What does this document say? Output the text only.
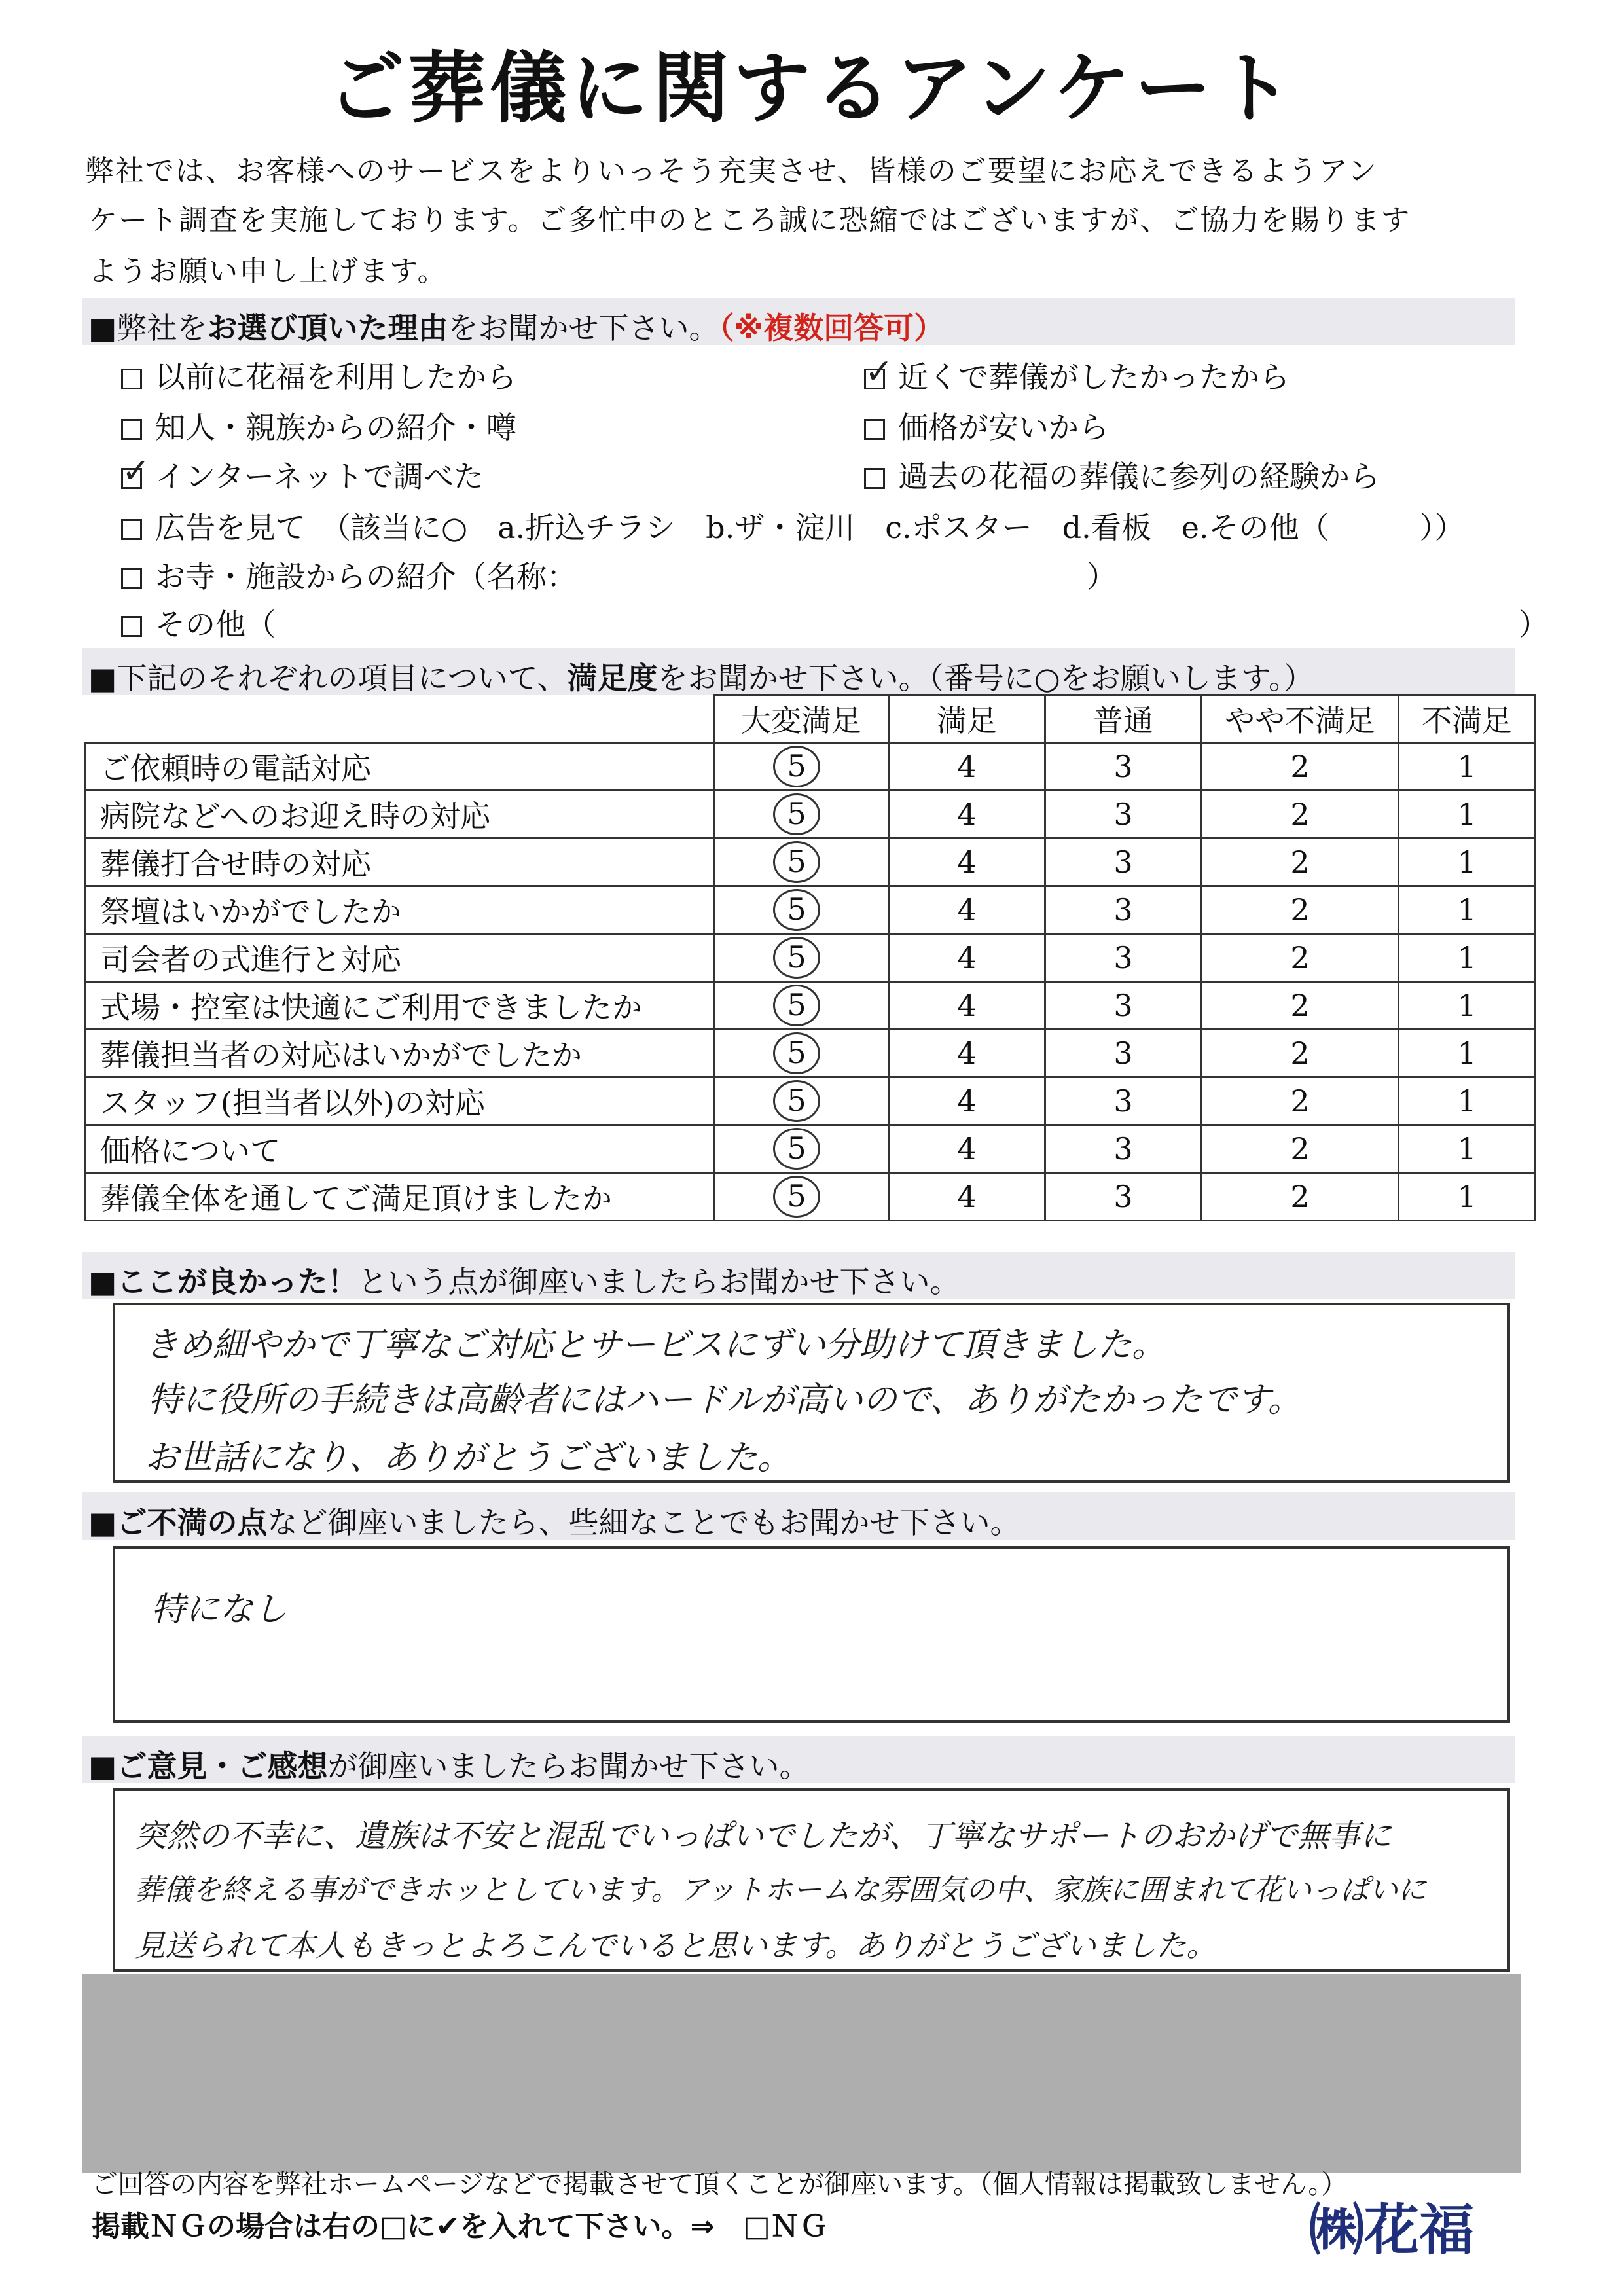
ご葬儀に関するアンケート
弊社では、お客様へのサービスをよりいっそう充実させ、皆様のご要望にお応えできるようアン
ケート調査を実施しております。ご多忙中のところ誠に恐縮ではございますが、ご協力を賜ります
ようお願い申し上げます。
■弊社をお選び頂いた理由をお聞かせ下さい。（※複数回答可）
以前に花福を利用したから
知人・親族からの紹介・噂
✓ インターネットで調べた
✓ 近くで葬儀がしたかったから
価格が安いから
過去の花福の葬儀に参列の経験から
広告を見て　（該当に○　a.折込チラシ　b.ザ・淀川　c.ポスター　d.看板　e.その他（　　　））
お寺・施設からの紹介（名称：	）
その他（	）
■下記のそれぞれの項目について、満足度をお聞かせ下さい。（番号に○をお願いします。）
	大変満足	満足	普通	やや不満足	不満足
ご依頼時の電話対応	5	4	3	2	1
病院などへのお迎え時の対応	5	4	3	2	1
葬儀打合せ時の対応	5	4	3	2	1
祭壇はいかがでしたか	5	4	3	2	1
司会者の式進行と対応	5	4	3	2	1
式場・控室は快適にご利用できましたか	5	4	3	2	1
葬儀担当者の対応はいかがでしたか	5	4	3	2	1
スタッフ(担当者以外)の対応	5	4	3	2	1
価格について	5	4	3	2	1
葬儀全体を通してご満足頂けましたか	5	4	3	2	1
■ここが良かった！という点が御座いましたらお聞かせ下さい。
きめ細やかで丁寧なご対応とサービスにずい分助けて頂きました。
特に役所の手続きは高齢者にはハードルが高いので、ありがたかったです。
お世話になり、ありがとうございました。
■ご不満の点など御座いましたら、些細なことでもお聞かせ下さい。
特になし
■ご意見・ご感想が御座いましたらお聞かせ下さい。
突然の不幸に、遺族は不安と混乱でいっぱいでしたが、丁寧なサポートのおかげで無事に
葬儀を終える事ができホッとしています。アットホームな雰囲気の中、家族に囲まれて花いっぱいに
見送られて本人もきっとよろこんでいると思います。ありがとうございました。
ご回答の内容を弊社ホームページなどで掲載させて頂くことが御座います。（個人情報は掲載致しません。）
掲載ＮＧの場合は右の□に✔を入れて下さい。⇒　□ＮＧ	㈱花福
